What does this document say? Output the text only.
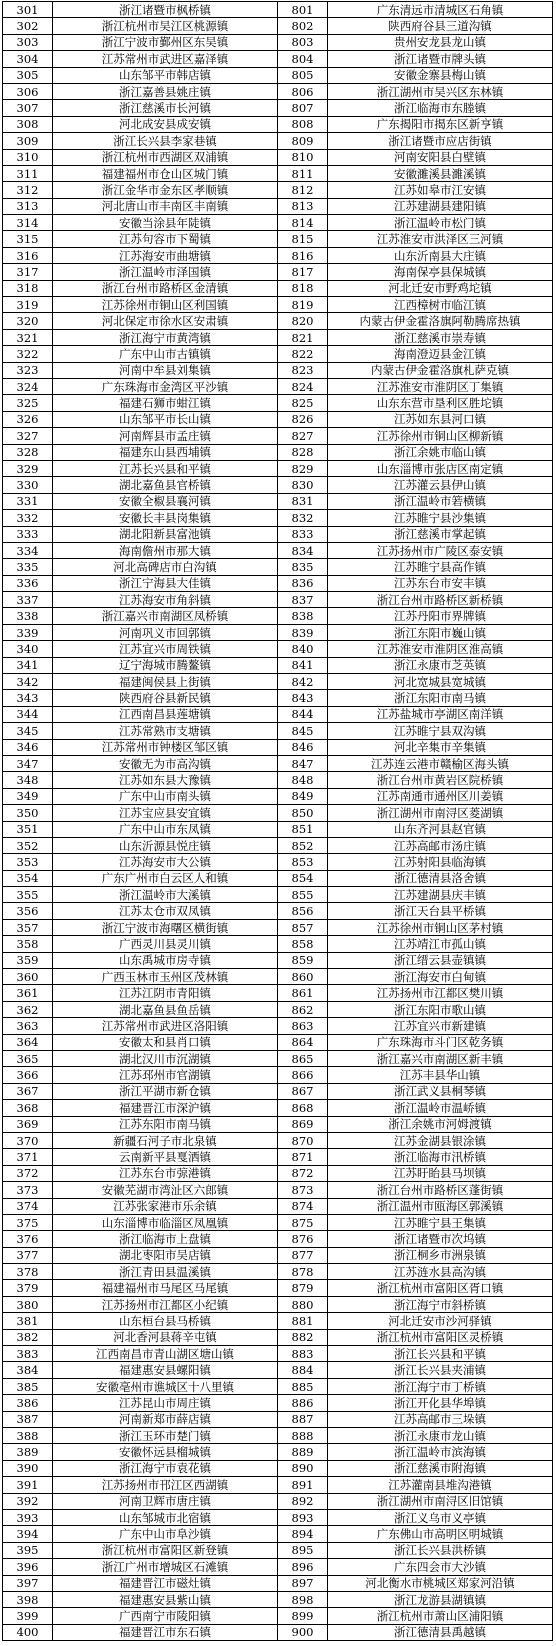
301	浙江诸暨市枫桥镇	801	广东清远市清城区石角镇
302	浙江杭州市吴江区桃源镇	802	陕西府谷县三道沟镇
303	浙江宁波市鄞州区东吴镇	803	贵州安龙县龙山镇
304	江苏常州市武进区嘉泽镇	804	浙江诸暨市牌头镇
305	山东邹平市韩店镇	805	安徽金寨县梅山镇
306	浙江嘉善县姚庄镇	806	浙江湖州市吴兴区东林镇
307	浙江慈溪市长河镇	807	浙江临海市东塍镇
308	河北成安县成安镇	808	广东揭阳市揭东区新亨镇
309	浙江长兴县李家巷镇	809	浙江诸暨市应店街镇
310	浙江杭州市西湖区双浦镇	810	河南安阳县白壁镇
311	福建福州市仓山区城门镇	811	安徽濉溪县濉溪镇
312	浙江金华市金东区孝顺镇	812	江苏如皋市江安镇
313	河北唐山市丰南区丰南镇	813	江苏建湖县建阳镇
314	安徽当涂县年陡镇	814	浙江温岭市松门镇
315	江苏句容市下蜀镇	815	江苏淮安市洪泽区三河镇
316	江苏海安市曲塘镇	816	山东沂南县大庄镇
317	浙江温岭市泽国镇	817	海南保亭县保城镇
318	浙江台州市路桥区金清镇	818	河北迁安市野鸡坨镇
319	江苏徐州市铜山区利国镇	819	江西樟树市临江镇
320	河北保定市徐水区安肃镇	820	内蒙古伊金霍洛旗阿勒腾席热镇
321	浙江海宁市黄湾镇	821	浙江慈溪市崇寿镇
322	广东中山市古镇镇	822	海南澄迈县金江镇
323	河南中牟县刘集镇	823	内蒙古伊金霍洛旗札萨克镇
324	广东珠海市金湾区平沙镇	824	江苏淮安市淮阴区丁集镇
325	福建石狮市蚶江镇	825	山东东营市垦利区胜坨镇
326	山东邹平市长山镇	826	江苏如东县河口镇
327	河南辉县市孟庄镇	827	江苏徐州市铜山区柳新镇
328	福建东山县西埔镇	828	浙江余姚市临山镇
329	江苏长兴县和平镇	829	山东淄博市张店区南定镇
330	湖北嘉鱼县官桥镇	830	江苏灌云县伊山镇
331	安徽全椒县襄河镇	831	浙江温岭市箬横镇
332	安徽长丰县岗集镇	832	江苏睢宁县沙集镇
333	湖北阳新县富池镇	833	浙江慈溪市掌起镇
334	海南儋州市那大镇	834	江苏扬州市广陵区泰安镇
335	河北高碑店市白沟镇	835	江苏睢宁县高作镇
336	浙江宁海县大佳镇	836	江苏东台市安丰镇
337	江苏海安市角斜镇	837	浙江台州市路桥区新桥镇
338	浙江嘉兴市南湖区凤桥镇	838	江苏丹阳市界牌镇
339	河南巩义市回郭镇	839	浙江东阳市巍山镇
340	江苏宜兴市周铁镇	840	江苏淮安市淮阴区淮高镇
341	辽宁海城市腾鳌镇	841	浙江永康市芝英镇
342	福建闽侯县上街镇	842	河北宽城县宽城镇
343	陕西府谷县新民镇	843	浙江东阳市南马镇
344	江西南昌县莲塘镇	844	江苏盐城市亭湖区南洋镇
345	江苏常熟市支塘镇	845	江苏睢宁县双沟镇
346	江苏常州市钟楼区邹区镇	846	河北辛集市辛集镇
347	安徽无为市高沟镇	847	江苏连云港市赣榆区海头镇
348	江苏如东县大豫镇	848	浙江台州市黄岩区院桥镇
349	广东中山市南头镇	849	江苏南通市通州区川姜镇
350	江苏宝应县安宜镇	850	浙江湖州市南浔区菱湖镇
351	广东中山市东凤镇	851	山东齐河县赵官镇
352	山东沂源县悦庄镇	852	江苏高邮市汤庄镇
353	江苏海安市大公镇	853	江苏射阳县临海镇
354	广东广州市白云区人和镇	854	浙江德清县洛舍镇
355	浙江温岭市大溪镇	855	江苏建湖县庆丰镇
356	江苏太仓市双凤镇	856	浙江天台县平桥镇
357	浙江宁波市海曙区横街镇	857	江苏徐州市铜山区茅村镇
358	广西灵川县灵川镇	858	江苏靖江市孤山镇
359	山东禹城市房寺镇	859	浙江缙云县壶镇镇
360	广西玉林市玉州区茂林镇	860	浙江海安市白甸镇
361	江苏江阴市青阳镇	861	江苏扬州市江都区樊川镇
362	湖北嘉鱼县鱼岳镇	862	浙江东阳市歌山镇
363	江苏常州市武进区洛阳镇	863	江苏宜兴市新建镇
364	安徽太和县肖口镇	864	广东珠海市斗门区乾务镇
365	湖北汉川市沉湖镇	865	浙江嘉兴市南湖区新丰镇
366	江苏邳州市官湖镇	866	江苏丰县华山镇
367	浙江平湖市新仓镇	867	浙江武义县桐琴镇
368	福建晋江市深沪镇	868	浙江温岭市温峤镇
369	江苏东阳市南马镇	869	浙江余姚市河姆渡镇
370	新疆石河子市北泉镇	870	江苏金湖县银涂镇
371	云南新平县戛洒镇	871	浙江临海市汛桥镇
372	江苏东台市弶港镇	872	江苏盱眙县马坝镇
373	安徽芜湖市湾沚区六郎镇	873	浙江台州市路桥区蓬街镇
374	江苏张家港市乐余镇	874	浙江温州市瓯海区郭溪镇
375	山东淄博市临淄区凤凰镇	875	江苏睢宁县王集镇
376	浙江临海市上盘镇	876	浙江诸暨市次坞镇
377	湖北枣阳市吴店镇	877	浙江桐乡市洲泉镇
378	浙江青田县温溪镇	878	江苏涟水县高沟镇
379	福建福州市马尾区马尾镇	879	浙江杭州市富阳区胥口镇
380	江苏扬州市江都区小纪镇	880	浙江海宁市斜桥镇
381	山东桓台县马桥镇	881	河北迁安市沙河驿镇
382	河北香河县蒋辛屯镇	882	浙江杭州市富阳区灵桥镇
383	江西南昌市青山湖区塘山镇	883	浙江长兴县和平镇
384	福建惠安县螺阳镇	884	浙江长兴县夹浦镇
385	安徽亳州市谯城区十八里镇	885	浙江海宁市丁桥镇
386	江苏昆山市周庄镇	886	浙江开化县华埠镇
387	河南新郑市薛店镇	887	江苏高邮市三垛镇
388	浙江玉环市楚门镇	888	浙江永康市龙山镇
389	安徽怀远县榴城镇	889	浙江温岭市滨海镇
390	浙江海宁市袁花镇	890	浙江慈溪市附海镇
391	江苏扬州市邗江区西湖镇	891	江苏灌南县堆沟港镇
392	河南卫辉市唐庄镇	892	浙江湖州市南浔区旧馆镇
393	山东邹城市北宿镇	893	浙江义乌市义亭镇
394	广东中山市阜沙镇	894	广东佛山市高明区明城镇
395	浙江杭州市富阳区新登镇	895	浙江长兴县洪桥镇
396	浙江广州市增城区石滩镇	896	广东四会市大沙镇
397	福建晋江市磁灶镇	897	河北衡水市桃城区郑家河沿镇
398	福建惠安县紫山镇	898	浙江龙游县湖镇镇
399	广西南宁市陵阳镇	899	浙江杭州市萧山区浦阳镇
400	福建晋江市东石镇	900	浙江德清县禹越镇
